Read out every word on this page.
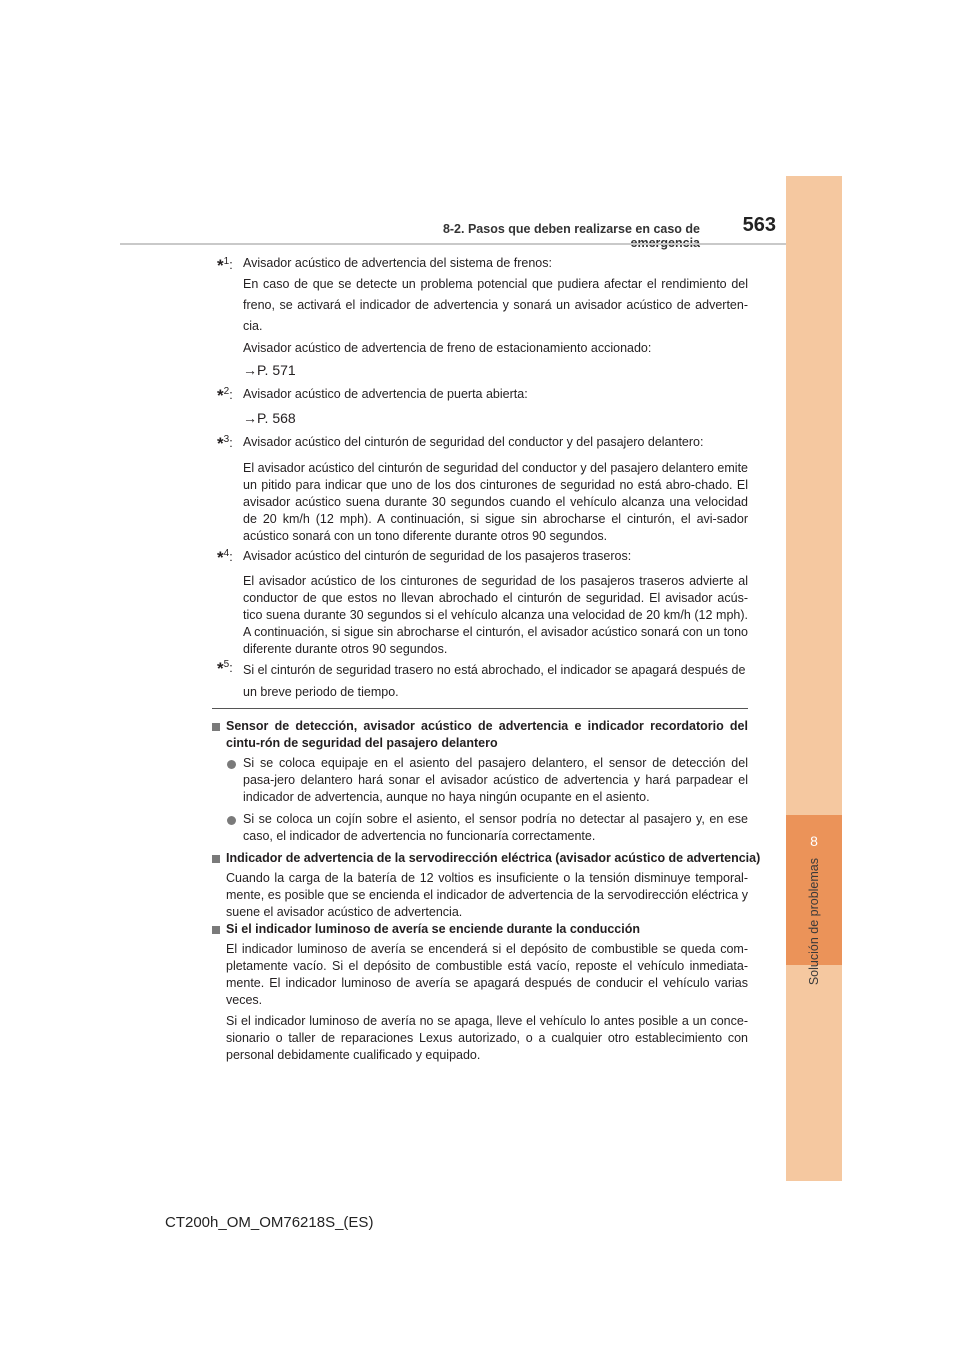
8
Solución de problemas
8-2. Pasos que deben realizarse en caso de	563
*$^1$: Avisador acústico de advertencia del sistema de frenos:
En caso de que se detecte un problema potencial que pudiera afectar el rendimiento del freno, se activará el indicador de advertencia y sonará un avisador acústico de adverten-cia.
Avisador acústico de advertencia de freno de estacionamiento accionado:
→P. 571
*$^2$: Avisador acústico de advertencia de puerta abierta:
→P. 568
*$^3$: Avisador acústico del cinturón de seguridad del conductor y del pasajero delantero:
El avisador acústico del cinturón de seguridad del conductor y del pasajero delantero emite un pitido para indicar que uno de los dos cinturones de seguridad no está abro-chado. El avisador acústico suena durante 30 segundos cuando el vehículo alcanza una velocidad de 20 km/h (12 mph). A continuación, si sigue sin abrocharse el cinturón, el avi-sador acústico sonará con un tono diferente durante otros 90 segundos.
*$^4$: Avisador acústico del cinturón de seguridad de los pasajeros traseros:
El avisador acústico de los cinturones de seguridad de los pasajeros traseros advierte al conductor de que estos no llevan abrochado el cinturón de seguridad. El avisador acús-tico suena durante 30 segundos si el vehículo alcanza una velocidad de 20 km/h (12 mph). A continuación, si sigue sin abrocharse el cinturón, el avisador acústico sonará con un tono diferente durante otros 90 segundos.
*$^5$: Si el cinturón de seguridad trasero no está abrochado, el indicador se apagará después de un breve periodo de tiempo.
Sensor de detección, avisador acústico de advertencia e indicador recordatorio del cintu-rón de seguridad del pasajero delantero
Si se coloca equipaje en el asiento del pasajero delantero, el sensor de detección del pasa-jero delantero hará sonar el avisador acústico de advertencia y hará parpadear el indicador de advertencia, aunque no haya ningún ocupante en el asiento.
Si se coloca un cojín sobre el asiento, el sensor podría no detectar al pasajero y, en ese caso, el indicador de advertencia no funcionaría correctamente.
Indicador de advertencia de la servodirección eléctrica (avisador acústico de advertencia)
Cuando la carga de la batería de 12 voltios es insuficiente o la tensión disminuye temporal-mente, es posible que se encienda el indicador de advertencia de la servodirección eléctrica y suene el avisador acústico de advertencia.
Si el indicador luminoso de avería se enciende durante la conducción
El indicador luminoso de avería se encenderá si el depósito de combustible se queda com-pletamente vacío. Si el depósito de combustible está vacío, reposte el vehículo inmediata-mente. El indicador luminoso de avería se apagará después de conducir el vehículo varias veces.
Si el indicador luminoso de avería no se apaga, lleve el vehículo lo antes posible a un conce-sionario o taller de reparaciones Lexus autorizado, o a cualquier otro establecimiento con personal debidamente cualificado y equipado.
CT200h_OM_OM76218S_(ES)
